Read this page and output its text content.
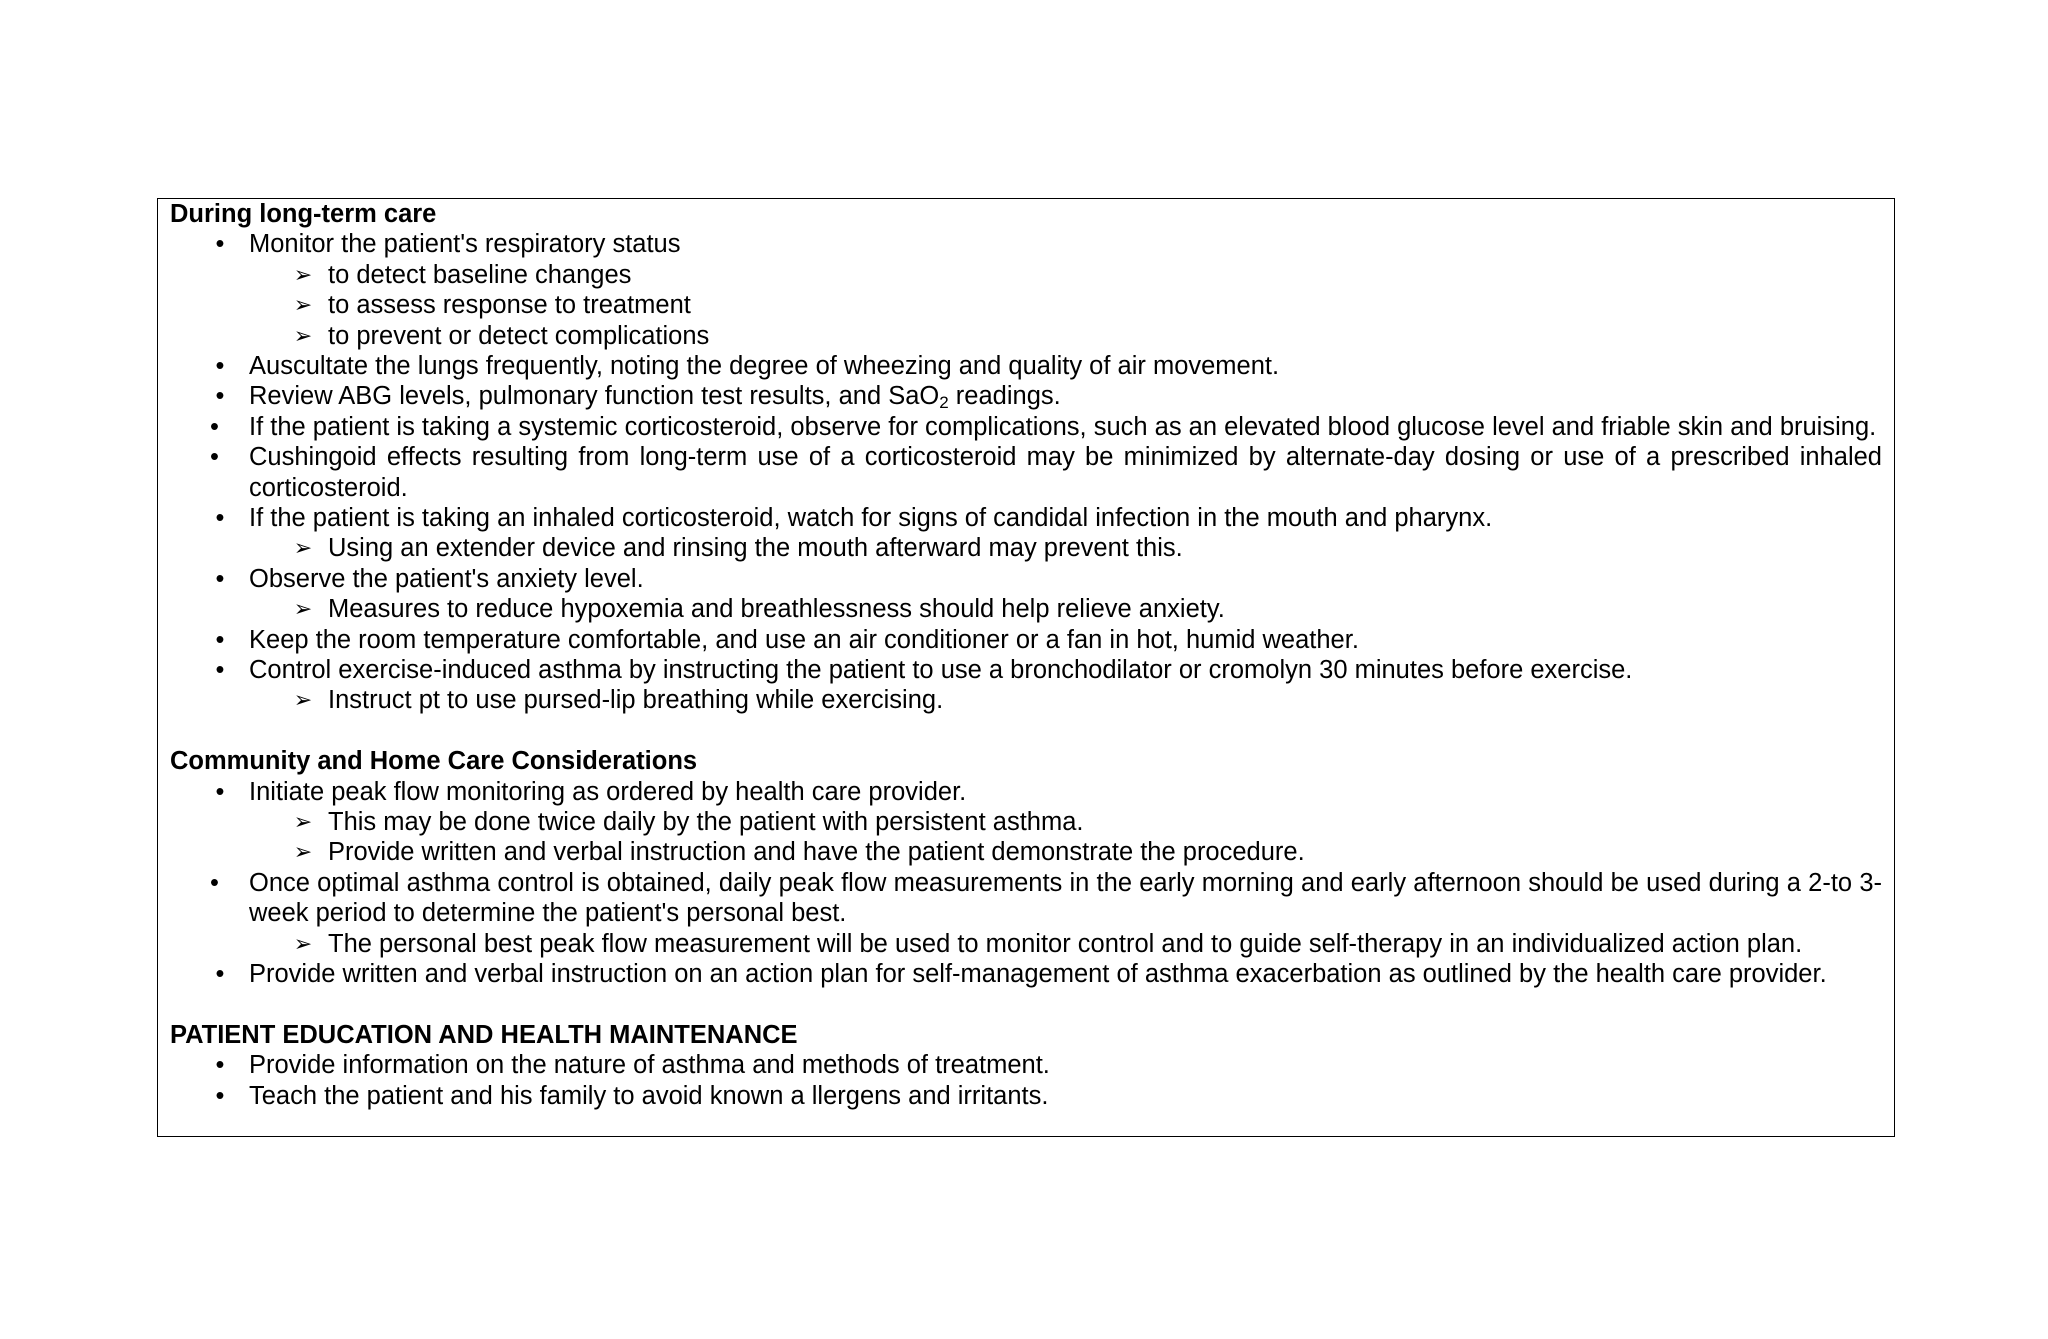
During long-term care
• Monitor the patient's respiratory status
➢ to detect baseline changes
➢ to assess response to treatment
➢ to prevent or detect complications
• Auscultate the lungs frequently, noting the degree of wheezing and quality of air movement.
• Review ABG levels, pulmonary function test results, and SaO$_2$ readings.
•	If the patient is taking a systemic corticosteroid, observe for complications, such as an elevated blood glucose level and friable skin and bruising.
•	Cushingoid effects resulting from long-term use of a corticosteroid may be minimized by alternate-day dosing or use of a prescribed inhaled corticosteroid.
• If the patient is taking an inhaled corticosteroid, watch for signs of candidal infection in the mouth and pharynx.
➢ Using an extender device and rinsing the mouth afterward may prevent this.
• Observe the patient's anxiety level.
➢ Measures to reduce hypoxemia and breathlessness should help relieve anxiety.
• Keep the room temperature comfortable, and use an air conditioner or a fan in hot, humid weather.
• Control exercise-induced asthma by instructing the patient to use a bronchodilator or cromolyn 30 minutes before exercise.
➢ Instruct pt to use pursed-lip breathing while exercising.
Community and Home Care Considerations
• Initiate peak flow monitoring as ordered by health care provider.
➢ This may be done twice daily by the patient with persistent asthma.
➢ Provide written and verbal instruction and have the patient demonstrate the procedure.
•	Once optimal asthma control is obtained, daily peak flow measurements in the early morning and early afternoon should be used during a 2-to 3-week period to determine the patient's personal best.
➢ The personal best peak flow measurement will be used to monitor control and to guide self-therapy in an individualized action plan.
• Provide written and verbal instruction on an action plan for self-management of asthma exacerbation as outlined by the health care provider.
PATIENT EDUCATION AND HEALTH MAINTENANCE
• Provide information on the nature of asthma and methods of treatment.
• Teach the patient and his family to avoid known a llergens and irritants.
